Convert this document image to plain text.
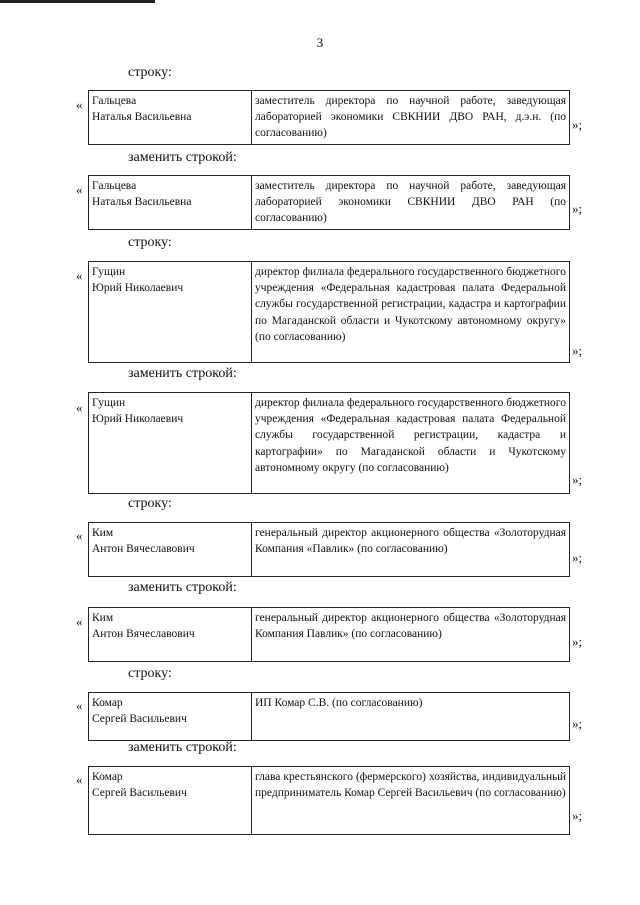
3
строку:
« Гальцева
Наталья Васильевна	заместитель директора по научной работе, заведующая лабораторией экономики СВКНИИ ДВО РАН, д.э.н. (по согласованию)
»;
заменить строкой:
« Гальцева
Наталья Васильевна	заместитель директора по научной работе, заведующая лабораторией экономики СВКНИИ ДВО РАН (по согласованию)
»;
строку:
« Гущин
Юрий Николаевич	директор филиала федерального государственного бюджетного учреждения «Федеральная кадастровая палата Федеральной службы государственной регистрации, кадастра и картографии по Магаданской области и Чукотскому автономному округу» (по согласованию)
»;
заменить строкой:
« Гущин
Юрий Николаевич	директор филиала федерального государственного бюджетного учреждения «Федеральная кадастровая палата Федеральной службы государственной регистрации, кадастра и картографии» по Магаданской области и Чукотскому автономному округу (по согласованию)
»;
строку:
« Ким
Антон Вячеславович	генеральный директор акционерного общества «Золоторудная Компания «Павлик» (по согласованию)
»;
заменить строкой:
« Ким
Антон Вячеславович	генеральный директор акционерного общества «Золоторудная Компания Павлик» (по согласованию)	»;
строку:
« Комар
Сергей Васильевич	ИП Комар С.В. (по согласованию)
»;
заменить строкой:
« Комар
Сергей Васильевич	глава крестьянского (фермерского) хозяйства, индивидуальный предприниматель Комар Сергей Васильевич (по согласованию)
»;
